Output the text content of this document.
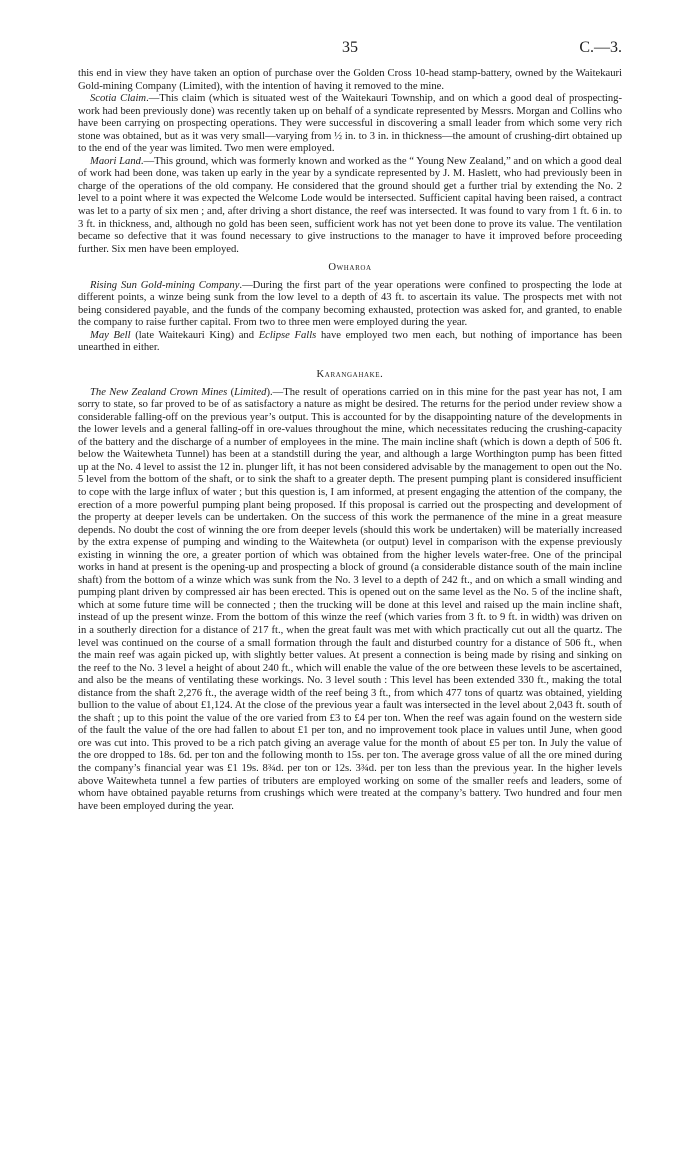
35	C.—3.

this end in view they have taken an option of purchase over the Golden Cross 10-head stamp-battery, owned by the Waitekauri Gold-mining Company (Limited), with the intention of having it removed to the mine.

Scotia Claim.—This claim (which is situated west of the Waitekauri Township, and on which a good deal of prospecting-work had been previously done) was recently taken up on behalf of a syndicate represented by Messrs. Morgan and Collins who have been carrying on prospecting operations. They were successful in discovering a small leader from which some very rich stone was obtained, but as it was very small—varying from ½ in. to 3 in. in thickness—the amount of crushing-dirt obtained up to the end of the year was limited. Two men were employed.

Maori Land.—This ground, which was formerly known and worked as the “ Young New Zealand,” and on which a good deal of work had been done, was taken up early in the year by a syndicate represented by J. M. Haslett, who had previously been in charge of the operations of the old company. He considered that the ground should get a further trial by extending the No. 2 level to a point where it was expected the Welcome Lode would be intersected. Sufficient capital having been raised, a contract was let to a party of six men ; and, after driving a short distance, the reef was intersected. It was found to vary from 1 ft. 6 in. to 3 ft. in thickness, and, although no gold has been seen, sufficient work has not yet been done to prove its value. The ventilation became so defective that it was found necessary to give instructions to the manager to have it improved before proceeding further. Six men have been employed.

Owharoa

Rising Sun Gold-mining Company.—During the first part of the year operations were confined to prospecting the lode at different points, a winze being sunk from the low level to a depth of 43 ft. to ascertain its value. The prospects met with not being considered payable, and the funds of the company becoming exhausted, protection was asked for, and granted, to enable the company to raise further capital. From two to three men were employed during the year.

May Bell (late Waitekauri King) and Eclipse Falls have employed two men each, but nothing of importance has been unearthed in either.

Karangahake.

The New Zealand Crown Mines (Limited).—The result of operations carried on in this mine for the past year has not, I am sorry to state, so far proved to be of as satisfactory a nature as might be desired. The returns for the period under review show a considerable falling-off on the previous year’s output. This is accounted for by the disappointing nature of the developments in the lower levels and a general falling-off in ore-values throughout the mine, which necessitates reducing the crushing-capacity of the battery and the discharge of a number of employees in the mine. The main incline shaft (which is down a depth of 506 ft. below the Waitewheta Tunnel) has been at a standstill during the year, and although a large Worthington pump has been fitted up at the No. 4 level to assist the 12 in. plunger lift, it has not been considered advisable by the management to open out the No. 5 level from the bottom of the shaft, or to sink the shaft to a greater depth. The present pumping plant is considered insufficient to cope with the large influx of water ; but this question is, I am informed, at present engaging the attention of the company, the erection of a more powerful pumping plant being proposed. If this proposal is carried out the prospecting and development of the property at deeper levels can be undertaken. On the success of this work the permanence of the mine in a great measure depends. No doubt the cost of winning the ore from deeper levels (should this work be undertaken) will be materially increased by the extra expense of pumping and winding to the Waitewheta (or output) level in comparison with the expense previously existing in winning the ore, a greater portion of which was obtained from the higher levels water-free. One of the principal works in hand at present is the opening-up and prospecting a block of ground (a considerable distance south of the main incline shaft) from the bottom of a winze which was sunk from the No. 3 level to a depth of 242 ft., and on which a small winding and pumping plant driven by compressed air has been erected. This is opened out on the same level as the No. 5 of the incline shaft, which at some future time will be connected ; then the trucking will be done at this level and raised up the main incline shaft, instead of up the present winze. From the bottom of this winze the reef (which varies from 3 ft. to 9 ft. in width) was driven on in a southerly direction for a distance of 217 ft., when the great fault was met with which practically cut out all the quartz. The level was continued on the course of a small formation through the fault and disturbed country for a distance of 506 ft., when the main reef was again picked up, with slightly better values. At present a connection is being made by rising and sinking on the reef to the No. 3 level a height of about 240 ft., which will enable the value of the ore between these levels to be ascertained, and also be the means of ventilating these workings. No. 3 level south : This level has been extended 330 ft., making the total distance from the shaft 2,276 ft., the average width of the reef being 3 ft., from which 477 tons of quartz was obtained, yielding bullion to the value of about £1,124. At the close of the previous year a fault was intersected in the level about 2,043 ft. south of the shaft ; up to this point the value of the ore varied from £3 to £4 per ton. When the reef was again found on the western side of the fault the value of the ore had fallen to about £1 per ton, and no improvement took place in values until June, when good ore was cut into. This proved to be a rich patch giving an average value for the month of about £5 per ton. In July the value of the ore dropped to 18s. 6d. per ton and the following month to 15s. per ton. The average gross value of all the ore mined during the company’s financial year was £1 19s. 8¾d. per ton or 12s. 3¾d. per ton less than the previous year. In the higher levels above Waitewheta tunnel a few parties of tributers are employed working on some of the smaller reefs and leaders, some of whom have obtained payable returns from crushings which were treated at the company’s battery. Two hundred and four men have been employed during the year.
